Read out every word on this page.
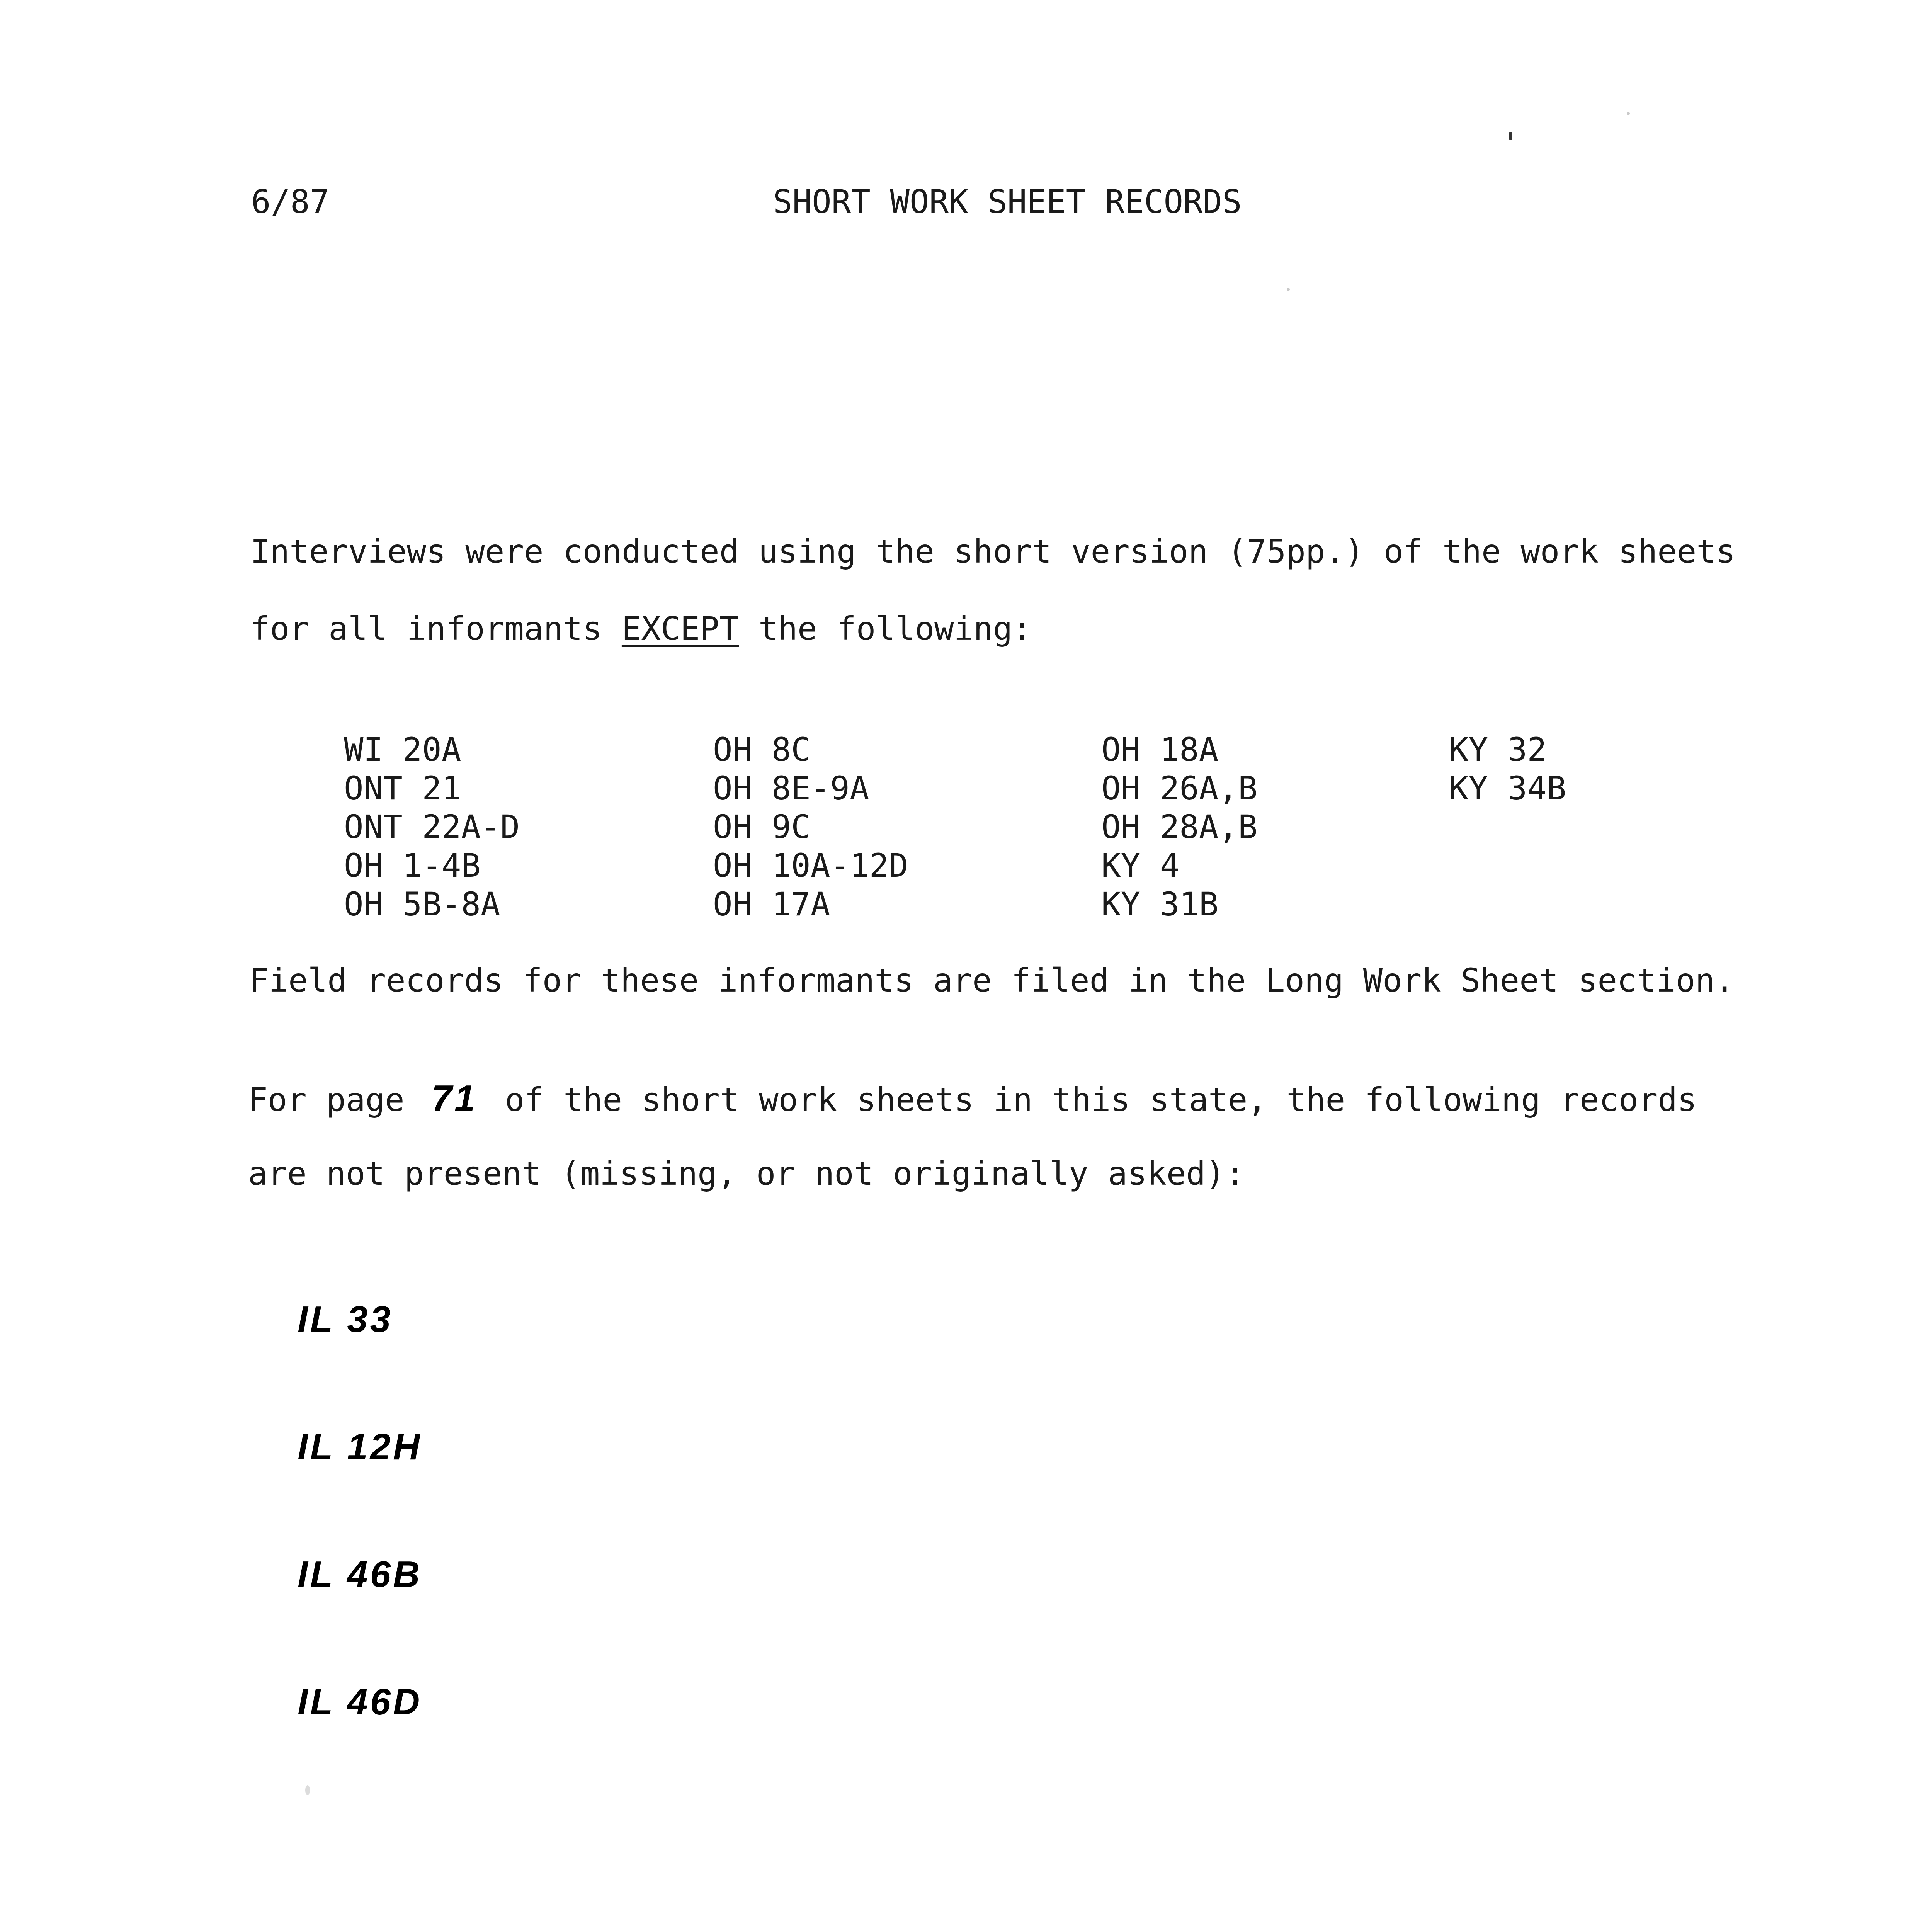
6/87	SHORT WORK SHEET RECORDS
Interviews were conducted using the short version (75pp.) of the work sheets
for all informants EXCEPT the following:
WI 20A
ONT 21
ONT 22A-D
OH 1-4B
OH 5B-8A
OH 8C
OH 8E-9A
OH 9C
OH 10A-12D
OH 17A
OH 18A
OH 26A,B
OH 28A,B
KY 4
KY 31B
KY 32
KY 34B
Field records for these informants are filed in the Long Work Sheet section.
For page 71 of the short work sheets in this state, the following records
are not present (missing, or not originally asked):
IL 33
IL 12H
IL 46B
IL 46D
